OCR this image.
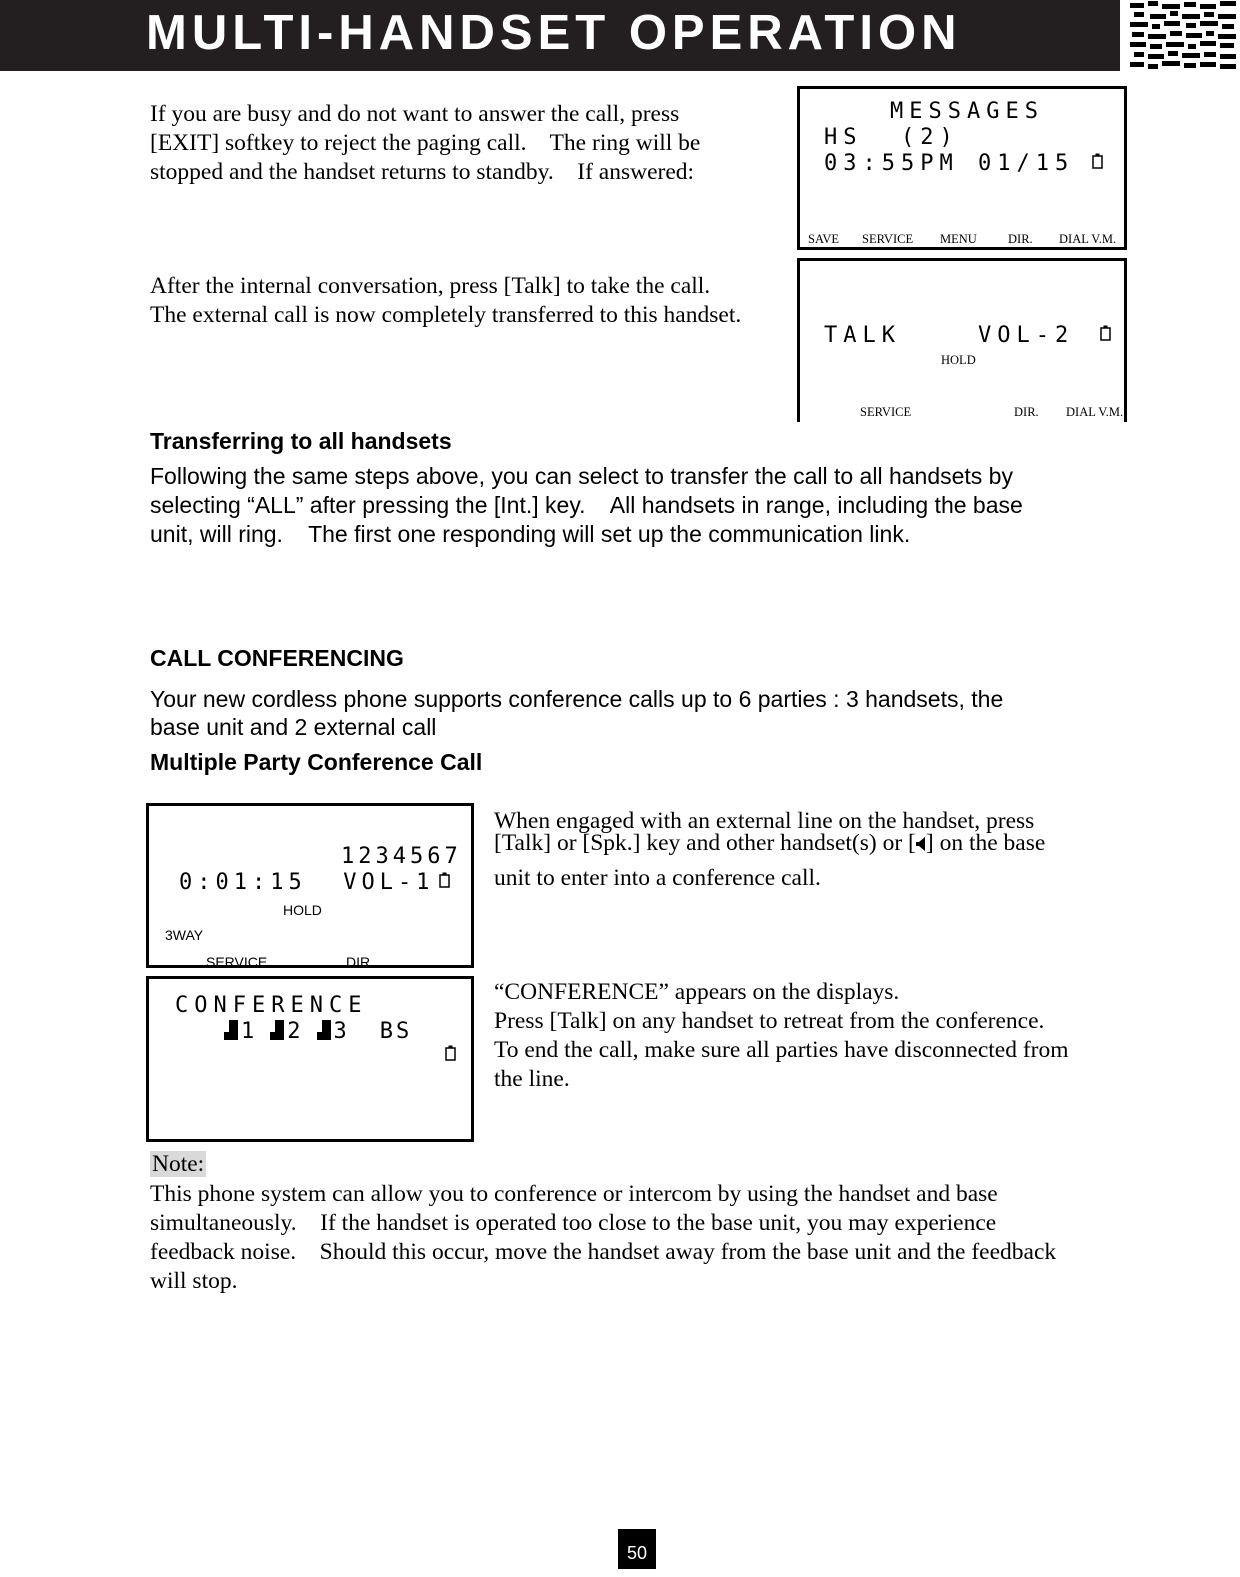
MULTI-HANDSET OPERATION
If you are busy and do not want to answer the call, press
[EXIT] softkey to reject the paging call.    The ring will be
stopped and the handset returns to standby.    If answered:
MESSAGES
HS  (2)
03:55PM 01/15
SAVE SERVICE MENU DIR. DIAL V.M.
After the internal conversation, press [Talk] to take the call.
The external call is now completely transferred to this handset.
TALK    VOL-2
HOLD
SERVICE	DIR. DIAL V.M.
Transferring to all handsets
Following the same steps above, you can select to transfer the call to all handsets by
selecting “ALL” after pressing the [Int.] key.    All handsets in range, including the base
unit, will ring.    The first one responding will set up the communication link.
CALL CONFERENCING
Your new cordless phone supports conference calls up to 6 parties : 3 handsets, the
base unit and 2 external call
Multiple Party Conference Call
1234567
0:01:15  VOL-1
HOLD
3WAY
SERVICE	DIR.
CONFERENCE
1 2 3 BS
When engaged with an external line on the handset, press
[Talk] or [Spk.] key and other handset(s) or [ ] on the base
unit to enter into a conference call.
“CONFERENCE” appears on the displays.
Press [Talk] on any handset to retreat from the conference.
To end the call, make sure all parties have disconnected from
the line.
Note:
This phone system can allow you to conference or intercom by using the handset and base
simultaneously.    If the handset is operated too close to the base unit, you may experience
feedback noise.    Should this occur, move the handset away from the base unit and the feedback
will stop.
50
